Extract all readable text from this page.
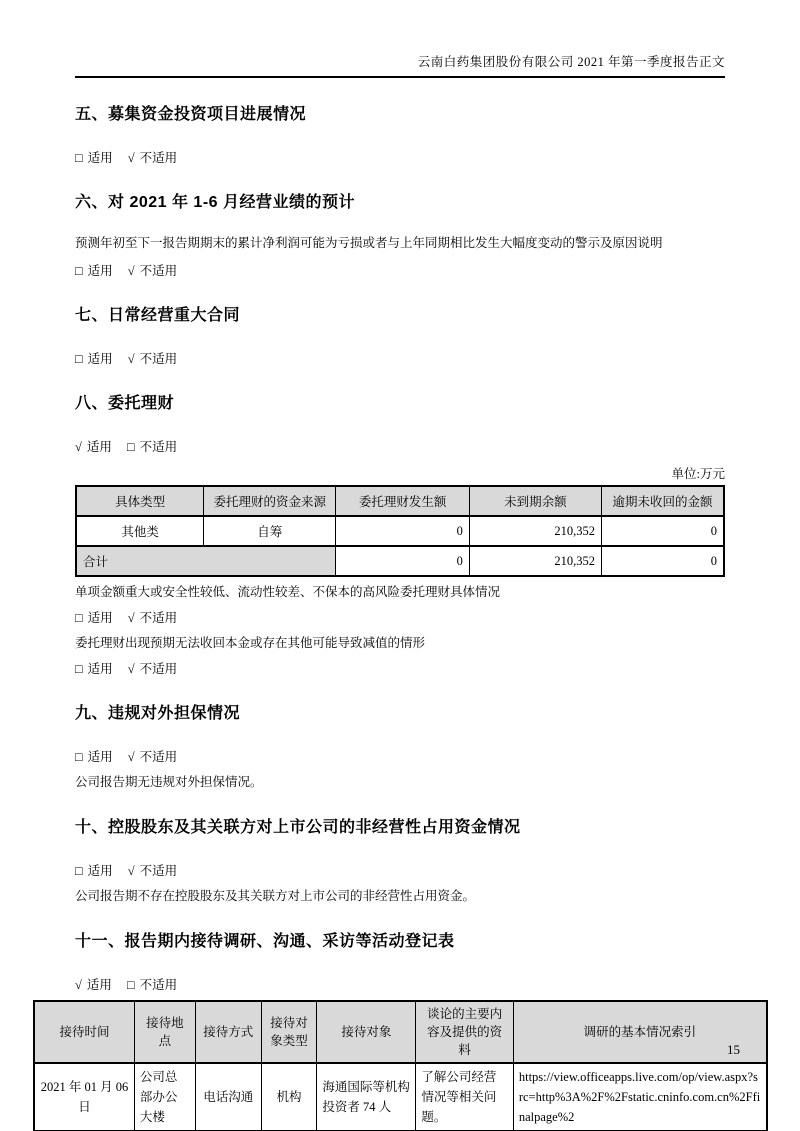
云南白药集团股份有限公司 2021 年第一季度报告正文
五、募集资金投资项目进展情况

□ 适用 √ 不适用

六、对 2021 年 1-6 月经营业绩的预计

预测年初至下一报告期期末的累计净利润可能为亏损或者与上年同期相比发生大幅度变动的警示及原因说明

□ 适用 √ 不适用

七、日常经营重大合同

□ 适用 √ 不适用

八、委托理财

√ 适用 □ 不适用

单位:万元

具体类型	委托理财的资金来源	委托理财发生额	未到期余额	逾期未收回的金额
其他类	自筹	0	210,352	0
合计		0	210,352	0

单项金额重大或安全性较低、流动性较差、不保本的高风险委托理财具体情况

□ 适用 √ 不适用

委托理财出现预期无法收回本金或存在其他可能导致减值的情形

□ 适用 √ 不适用

九、违规对外担保情况

□ 适用 √ 不适用

公司报告期无违规对外担保情况。

十、控股股东及其关联方对上市公司的非经营性占用资金情况

□ 适用 √ 不适用

公司报告期不存在控股股东及其关联方对上市公司的非经营性占用资金。

十一、报告期内接待调研、沟通、采访等活动登记表

√ 适用 □ 不适用

接待时间	接待地点	接待方式	接待对象类型	接待对象	谈论的主要内容及提供的资料	调研的基本情况索引
2021 年 01 月 06 日	公司总部办公大楼	电话沟通	机构	海通国际等机构投资者 74 人	了解公司经营情况等相关问题。	https://view.officeapps.live.com/op/view.aspx?src=http%3A%2F%2Fstatic.cninfo.com.cn%2Ffinalpage%2
15
